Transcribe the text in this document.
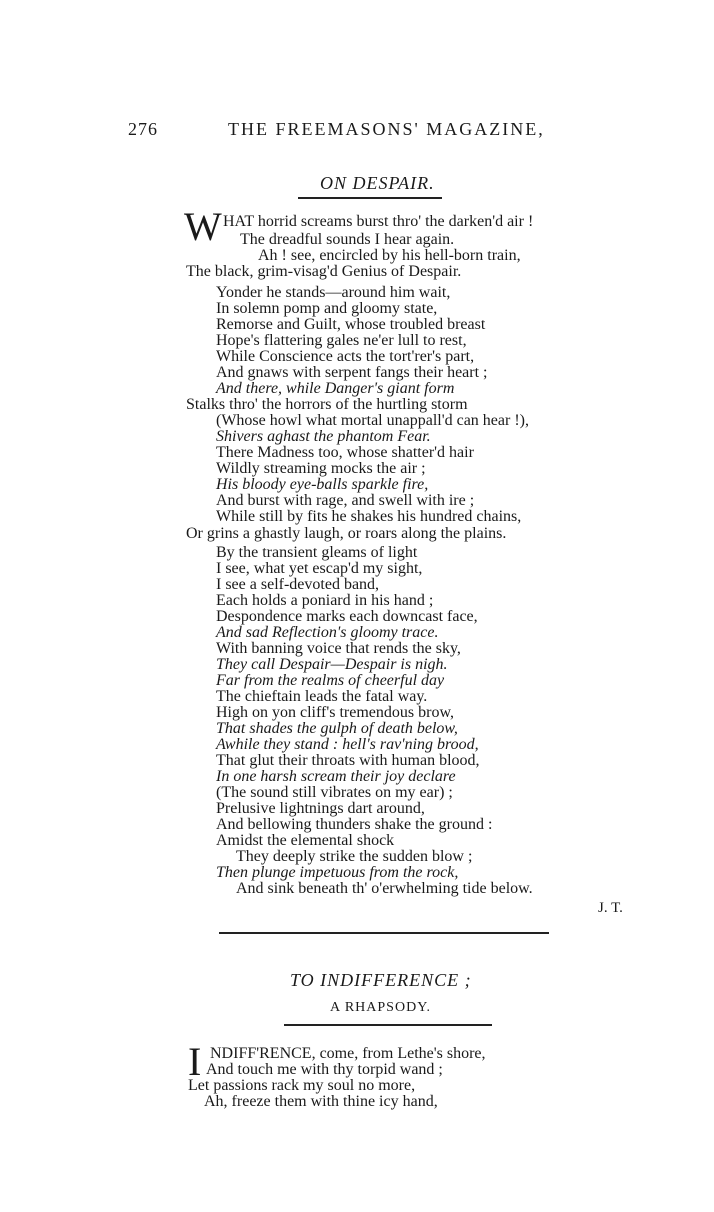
276	THE FREEMASONS' MAGAZINE,
ON DESPAIR.
W HAT horrid screams burst thro' the darken'd air !
The dreadful sounds I hear again.
Ah ! see, encircled by his hell-born train,
The black, grim-visag'd Genius of Despair.
Yonder he stands—around him wait,
In solemn pomp and gloomy state,
Remorse and Guilt, whose troubled breast
Hope's flattering gales ne'er lull to rest,
While Conscience acts the tort'rer's part,
And gnaws with serpent fangs their heart ;
And there, while Danger's giant form
Stalks thro' the horrors of the hurtling storm
(Whose howl what mortal unappall'd can hear !),
Shivers aghast the phantom Fear.
There Madness too, whose shatter'd hair
Wildly streaming mocks the air ;
His bloody eye-balls sparkle fire,
And burst with rage, and swell with ire ;
While still by fits he shakes his hundred chains,
Or grins a ghastly laugh, or roars along the plains.
By the transient gleams of light
I see, what yet escap'd my sight,
I see a self-devoted band,
Each holds a poniard in his hand ;
Despondence marks each downcast face,
And sad Reflection's gloomy trace.
With banning voice that rends the sky,
They call Despair—Despair is nigh.
Far from the realms of cheerful day
The chieftain leads the fatal way.
High on yon cliff's tremendous brow,
That shades the gulph of death below,
Awhile they stand : hell's rav'ning brood,
That glut their throats with human blood,
In one harsh scream their joy declare
(The sound still vibrates on my ear) ;
Prelusive lightnings dart around,
And bellowing thunders shake the ground :
Amidst the elemental shock
They deeply strike the sudden blow ;
Then plunge impetuous from the rock,
And sink beneath th' o'erwhelming tide below.
J. T.
TO INDIFFERENCE ;
A RHAPSODY.
I NDIFF'RENCE, come, from Lethe's shore,
And touch me with thy torpid wand ;
Let passions rack my soul no more,
Ah, freeze them with thine icy hand,
